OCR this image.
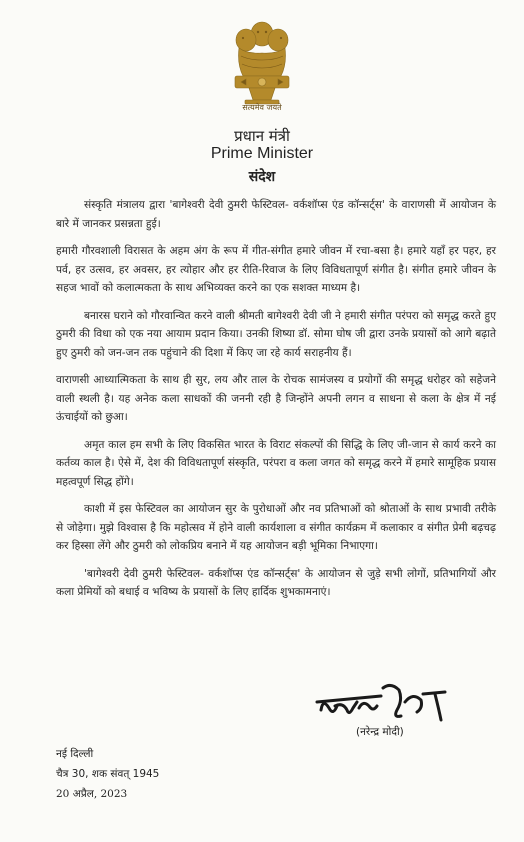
सत्यमेव जयते
प्रधान मंत्री
Prime Minister
संदेश

संस्कृति मंत्रालय द्वारा 'बागेश्वरी देवी ठुमरी फेस्टिवल- वर्कशॉप्स एंड कॉन्सर्ट्स' के वाराणसी में आयोजन के बारे में जानकर प्रसन्नता हुई।

हमारी गौरवशाली विरासत के अहम अंग के रूप में गीत-संगीत हमारे जीवन में रचा-बसा है। हमारे यहाँ हर पहर, हर पर्व, हर उत्सव, हर अवसर, हर त्योहार और हर रीति-रिवाज के लिए विविधतापूर्ण संगीत है। संगीत हमारे जीवन के सहज भावों को कलात्मकता के साथ अभिव्यक्त करने का एक सशक्त माध्यम है।

बनारस घराने को गौरवान्वित करने वाली श्रीमती बागेश्वरी देवी जी ने हमारी संगीत परंपरा को समृद्ध करते हुए ठुमरी की विधा को एक नया आयाम प्रदान किया। उनकी शिष्या डॉ. सोमा घोष जी द्वारा उनके प्रयासों को आगे बढ़ाते हुए ठुमरी को जन-जन तक पहुंचाने की दिशा में किए जा रहे कार्य सराहनीय हैं।

वाराणसी आध्यात्मिकता के साथ ही सुर, लय और ताल के रोचक सामंजस्य व प्रयोगों की समृद्ध धरोहर को सहेजने वाली स्थली है। यह अनेक कला साधकों की जननी रही है जिन्होंने अपनी लगन व साधना से कला के क्षेत्र में नई ऊंचाईयों को छुआ।

अमृत काल हम सभी के लिए विकसित भारत के विराट संकल्पों की सिद्धि के लिए जी-जान से कार्य करने का कर्तव्य काल है। ऐसे में, देश की विविधतापूर्ण संस्कृति, परंपरा व कला जगत को समृद्ध करने में हमारे सामूहिक प्रयास महत्वपूर्ण सिद्ध होंगे।

काशी में इस फेस्टिवल का आयोजन सुर के पुरोधाओं और नव प्रतिभाओं को श्रोताओं के साथ प्रभावी तरीके से जोड़ेगा। मुझे विश्वास है कि महोत्सव में होने वाली कार्यशाला व संगीत कार्यक्रम में कलाकार व संगीत प्रेमी बढ़चढ़ कर हिस्सा लेंगे और ठुमरी को लोकप्रिय बनाने में यह आयोजन बड़ी भूमिका निभाएगा।

'बागेश्वरी देवी ठुमरी फेस्टिवल- वर्कशॉप्स एंड कॉन्सर्ट्स' के आयोजन से जुड़े सभी लोगों, प्रतिभागियों और कला प्रेमियों को बधाई व भविष्य के प्रयासों के लिए हार्दिक शुभकामनाएं।

(नरेन्द्र मोदी)
नई दिल्ली
चैत्र 30, शक संवत् 1945
20 अप्रैल, 2023
